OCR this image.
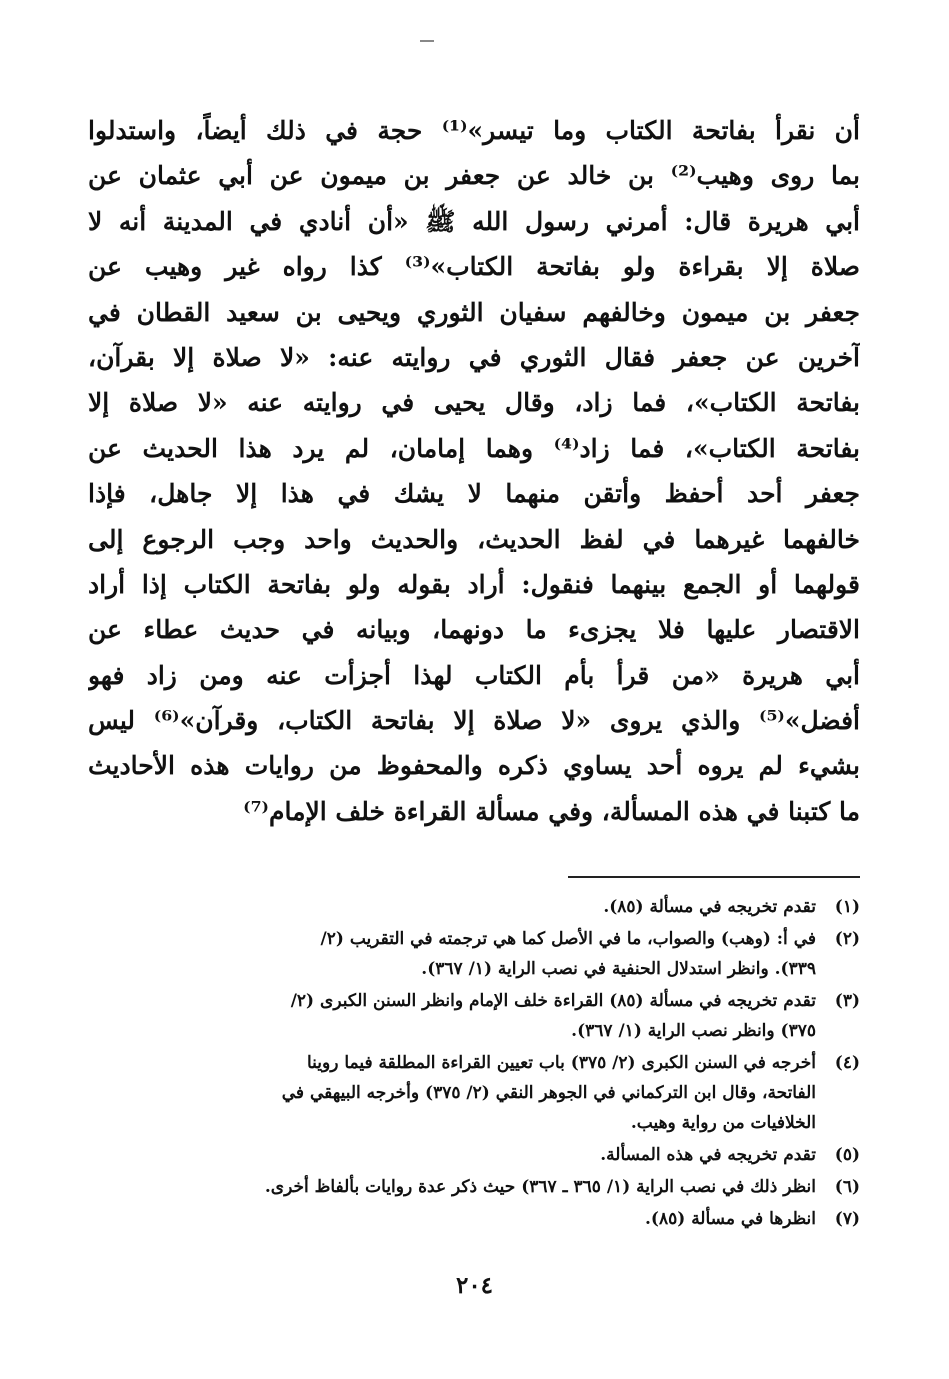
أن نقرأ بفاتحة الكتاب وما تيسر»⁽¹⁾ حجة في ذلك أيضاً، واستدلوا
بما روى وهيب⁽²⁾ بن خالد عن جعفر بن ميمون عن أبي عثمان عن
أبي هريرة قال: أمرني رسول الله ﷺ «أن أنادي في المدينة أنه لا
صلاة إلا بقراءة ولو بفاتحة الكتاب»⁽³⁾ كذا رواه غير وهيب عن
جعفر بن ميمون وخالفهم سفيان الثوري ويحيى بن سعيد القطان في
آخرين عن جعفر فقال الثوري في روايته عنه: «لا صلاة إلا بقرآن،
بفاتحة الكتاب»، فما زاد، وقال يحيى في روايته عنه «لا صلاة إلا
بفاتحة الكتاب»، فما زاد⁽⁴⁾ وهما إمامان، لم يرد هذا الحديث عن
جعفر أحد أحفظ وأتقن منهما لا يشك في هذا إلا جاهل، فإذا
خالفهما غيرهما في لفظ الحديث، والحديث واحد وجب الرجوع إلى
قولهما أو الجمع بينهما فنقول: أراد بقوله ولو بفاتحة الكتاب إذا أراد
الاقتصار عليها فلا يجزىء ما دونهما، وبيانه في حديث عطاء عن
أبي هريرة «من قرأ بأم الكتاب لهذا أجزأت عنه ومن زاد فهو
أفضل»⁽⁵⁾ والذي يروى «لا صلاة إلا بفاتحة الكتاب، وقرآن»⁽⁶⁾ ليس
بشيء لم يروه أحد يساوي ذكره والمحفوظ من روايات هذه الأحاديث
ما كتبنا في هذه المسألة، وفي مسألة القراءة خلف الإمام⁽⁷⁾
(١)
تقدم تخريجه في مسألة (٨٥).
(٢)
في أ: (وهب) والصواب، ما في الأصل كما هي ترجمته في التقريب (٢/
٣٣٩). وانظر استدلال الحنفية في نصب الراية (١/ ٣٦٧).
(٣)
تقدم تخريجه في مسألة (٨٥) القراءة خلف الإمام وانظر السنن الكبرى (٢/
٣٧٥) وانظر نصب الراية (١/ ٣٦٧).
(٤)
أخرجه في السنن الكبرى (٢/ ٣٧٥) باب تعيين القراءة المطلقة فيما روينا
الفاتحة، وقال ابن التركماني في الجوهر النقي (٢/ ٣٧٥) وأخرجه البيهقي في
الخلافيات من رواية وهيب.
(٥)
تقدم تخريجه في هذه المسألة.
(٦)
انظر ذلك في نصب الراية (١/ ٣٦٥ ـ ٣٦٧) حيث ذكر عدة روايات بألفاظ أخرى.
(٧)
انظرها في مسألة (٨٥).
٢٠٤
